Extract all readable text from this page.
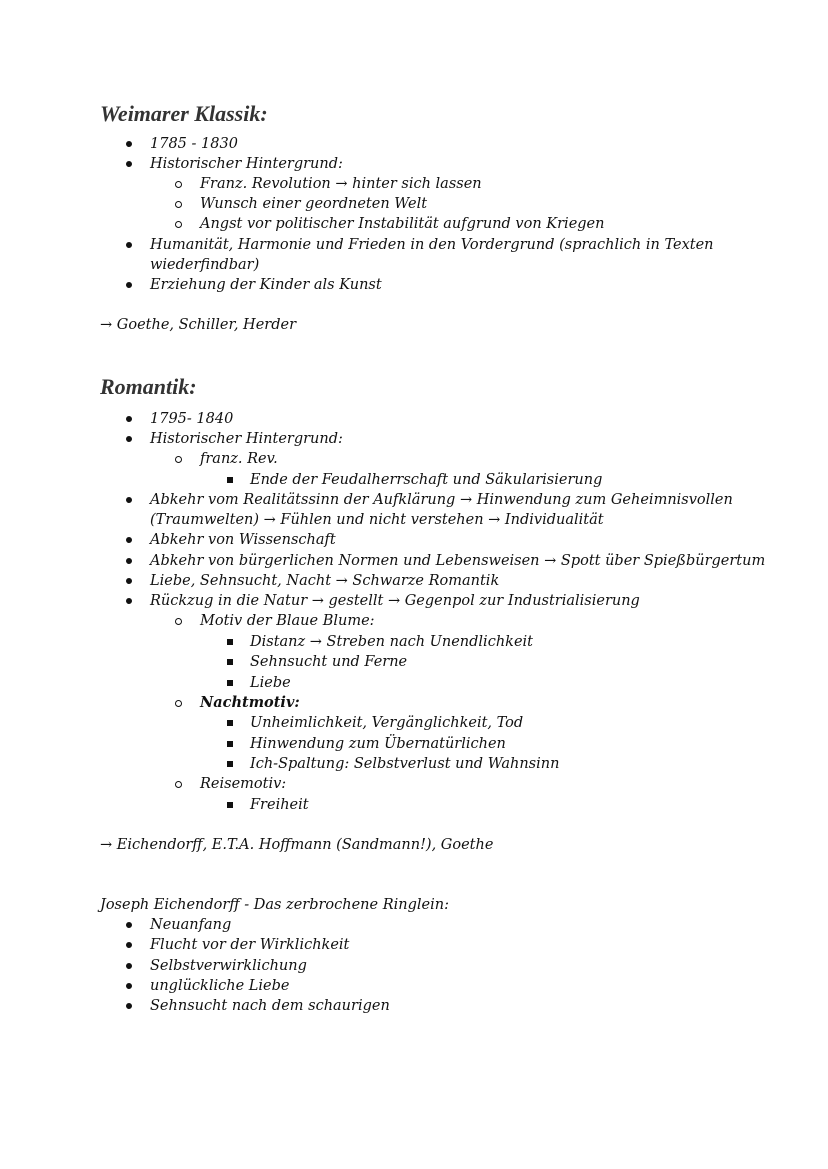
Weimarer Klassik:
1785 - 1830
Historischer Hintergrund:
Franz. Revolution → hinter sich lassen
Wunsch einer geordneten Welt
Angst vor politischer Instabilität aufgrund von Kriegen
Humanität, Harmonie und Frieden in den Vordergrund (sprachlich in Texten
wiederfindbar)
Erziehung der Kinder als Kunst
→ Goethe, Schiller, Herder
Romantik:
1795- 1840
Historischer Hintergrund:
franz. Rev.
Ende der Feudalherrschaft und Säkularisierung
Abkehr vom Realitätssinn der Aufklärung → Hinwendung zum Geheimnisvollen
(Traumwelten) → Fühlen und nicht verstehen → Individualität
Abkehr von Wissenschaft
Abkehr von bürgerlichen Normen und Lebensweisen → Spott über Spießbürgertum
Liebe, Sehnsucht, Nacht → Schwarze Romantik
Rückzug in die Natur → gestellt → Gegenpol zur Industrialisierung
Motiv der Blaue Blume:
Distanz → Streben nach Unendlichkeit
Sehnsucht und Ferne
Liebe
Nachtmotiv:
Unheimlichkeit, Vergänglichkeit, Tod
Hinwendung zum Übernatürlichen
Ich-Spaltung: Selbstverlust und Wahnsinn
Reisemotiv:
Freiheit
→ Eichendorff, E.T.A. Hoffmann (Sandmann!), Goethe
Joseph Eichendorff - Das zerbrochene Ringlein:
Neuanfang
Flucht vor der Wirklichkeit
Selbstverwirklichung
unglückliche Liebe
Sehnsucht nach dem schaurigen
